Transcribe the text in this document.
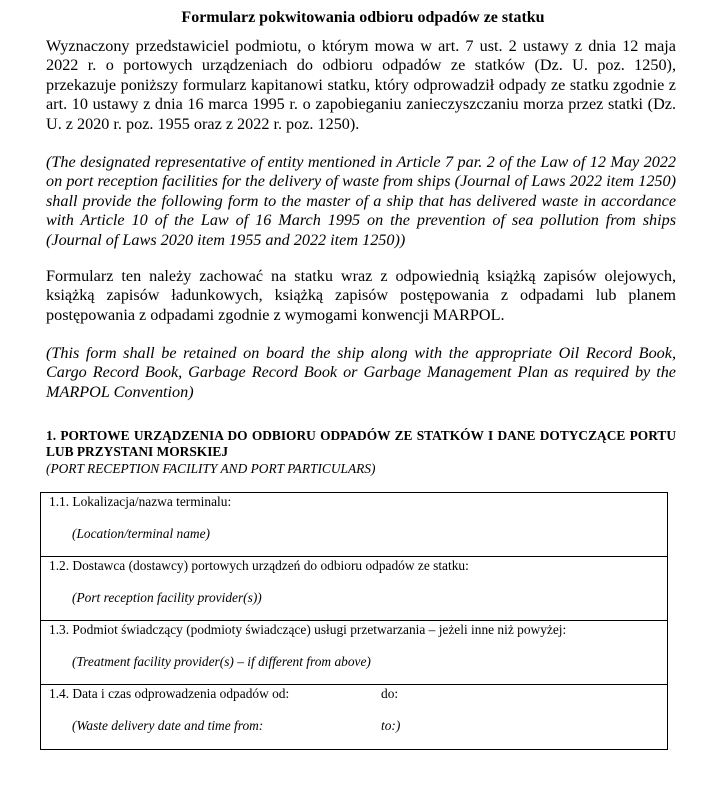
Formularz pokwitowania odbioru odpadów ze statku

Wyznaczony przedstawiciel podmiotu, o którym mowa w art. 7 ust. 2 ustawy z dnia 12 maja 2022 r. o portowych urządzeniach do odbioru odpadów ze statków (Dz. U. poz. 1250), przekazuje poniższy formularz kapitanowi statku, który odprowadził odpady ze statku zgodnie z art. 10 ustawy z dnia 16 marca 1995 r. o zapobieganiu zanieczyszczaniu morza przez statki (Dz. U. z 2020 r. poz. 1955 oraz z 2022 r. poz. 1250).

(The designated representative of entity mentioned in Article 7 par. 2 of the Law of 12 May 2022 on port reception facilities for the delivery of waste from ships (Journal of Laws 2022 item 1250) shall provide the following form to the master of a ship that has delivered waste in accordance with Article 10 of the Law of 16 March 1995 on the prevention of sea pollution from ships (Journal of Laws 2020 item 1955 and 2022 item 1250))

Formularz ten należy zachować na statku wraz z odpowiednią książką zapisów olejowych, książką zapisów ładunkowych, książką zapisów postępowania z odpadami lub planem postępowania z odpadami zgodnie z wymogami konwencji MARPOL.

(This form shall be retained on board the ship along with the appropriate Oil Record Book, Cargo Record Book, Garbage Record Book or Garbage Management Plan as required by the MARPOL Convention)

1. PORTOWE URZĄDZENIA DO ODBIORU ODPADÓW ZE STATKÓW I DANE DOTYCZĄCE PORTU LUB PRZYSTANI MORSKIEJ

(PORT RECEPTION FACILITY AND PORT PARTICULARS)

1.1. Lokalizacja/nazwa terminalu:
(Location/terminal name)
1.2. Dostawca (dostawcy) portowych urządzeń do odbioru odpadów ze statku:
(Port reception facility provider(s))
1.3. Podmiot świadczący (podmioty świadczące) usługi przetwarzania – jeżeli inne niż powyżej:
(Treatment facility provider(s) – if different from above)
1.4. Data i czas odprowadzenia odpadów od:	do:
(Waste delivery date and time from:	to:)
